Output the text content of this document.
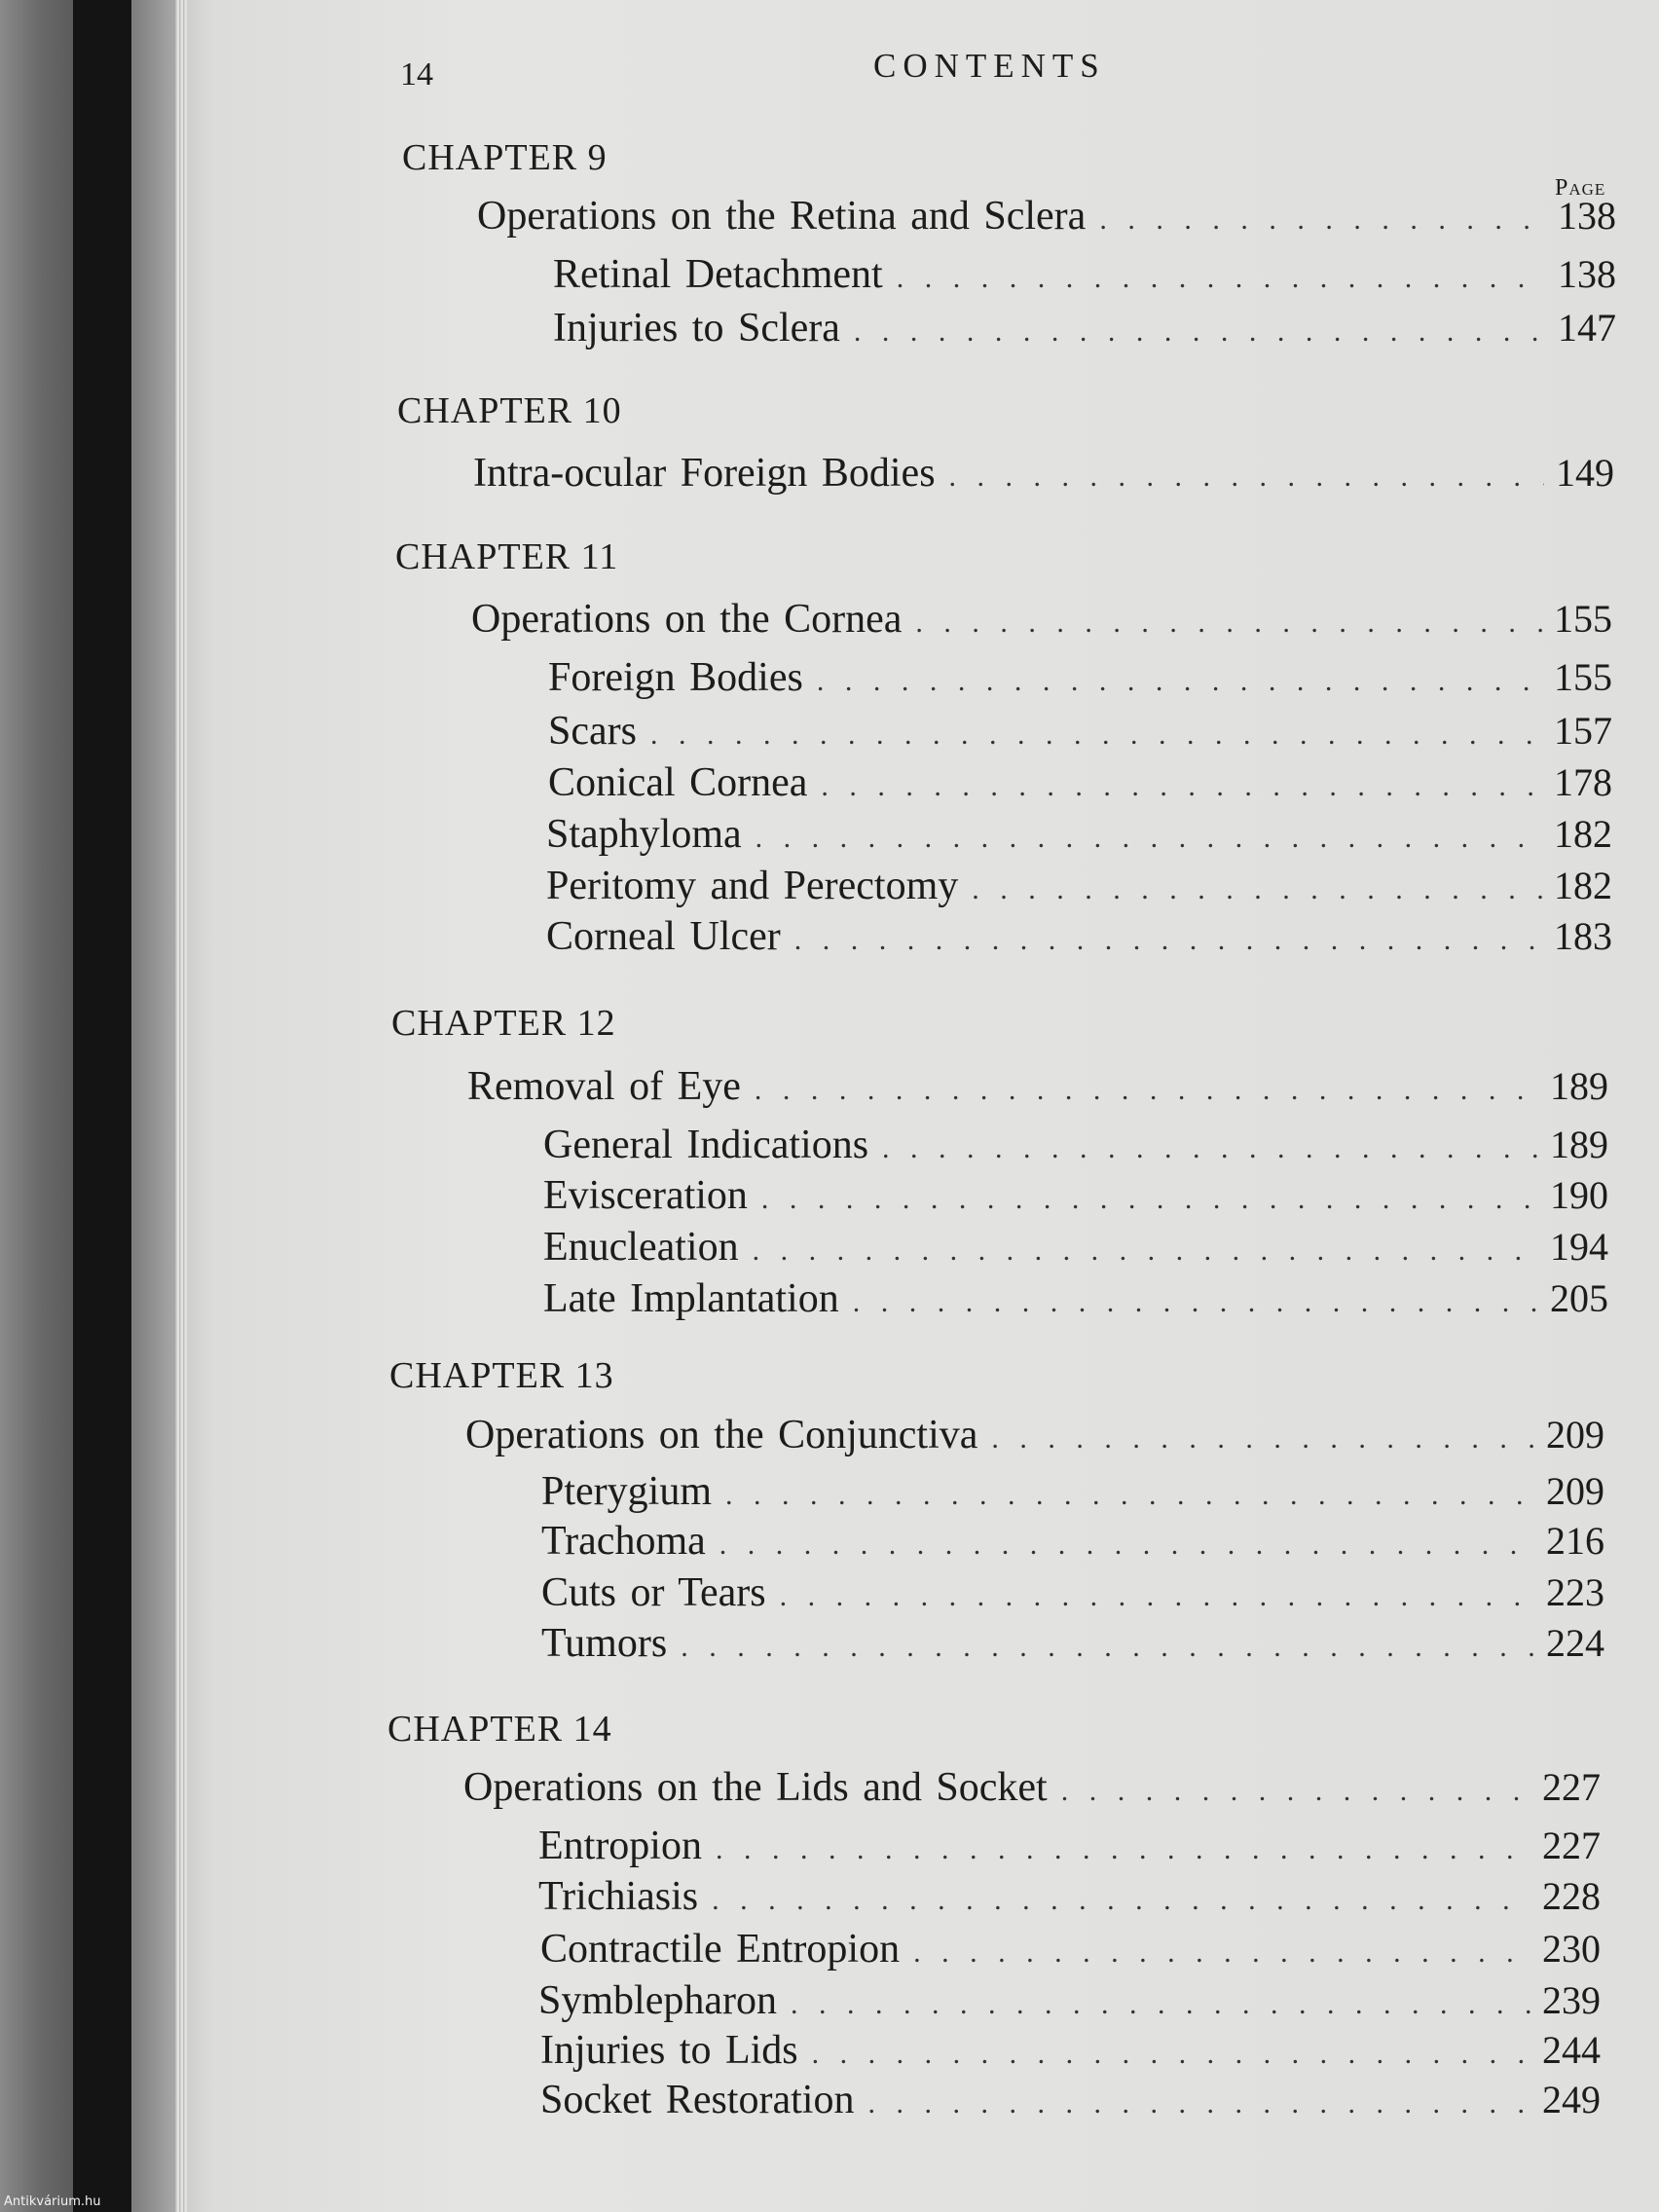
14	CONTENTS
Page
CHAPTER 9
Operations on the Retina and Sclera . . .	138
Retinal Detachment . . .	138
Injuries to Sclera . . .	147
CHAPTER 10
Intra-ocular Foreign Bodies . . .	149
CHAPTER 11
Operations on the Cornea . . .	155
Foreign Bodies . . .	155
Scars . . .	157
Conical Cornea . . .	178
Staphyloma . . .	182
Peritomy and Perectomy . . .	182
Corneal Ulcer . . .	183
CHAPTER 12
Removal of Eye . . .	189
General Indications . . .	189
Evisceration . . .	190
Enucleation . . .	194
Late Implantation . . .	205
CHAPTER 13
Operations on the Conjunctiva . . .	209
Pterygium . . .	209
Trachoma . . .	216
Cuts or Tears . . .	223
Tumors . . .	224
CHAPTER 14
Operations on the Lids and Socket . . .	227
Entropion . . .	227
Trichiasis . . .	228
Contractile Entropion . . .	230
Symblepharon . . .	239
Injuries to Lids . . .	244
Socket Restoration . . .	249
Antikvárium.hu
